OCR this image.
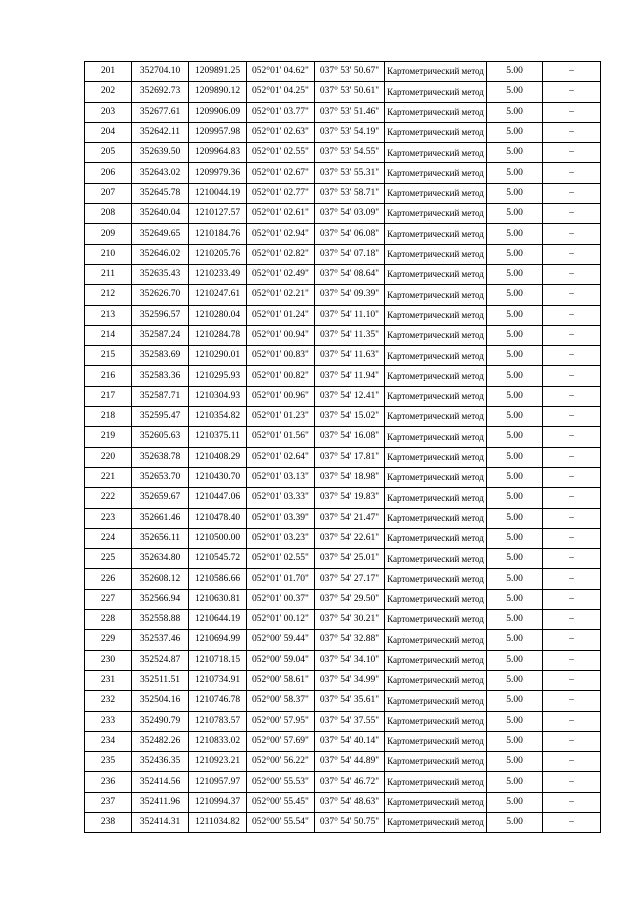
201	352704.10	1209891.25	052°01' 04.62"	037° 53' 50.67"	Картометрический метод	5.00	–
202	352692.73	1209890.12	052°01' 04.25"	037° 53' 50.61"	Картометрический метод	5.00	–
203	352677.61	1209906.09	052°01' 03.77"	037° 53' 51.46"	Картометрический метод	5.00	–
204	352642.11	1209957.98	052°01' 02.63"	037° 53' 54.19"	Картометрический метод	5.00	–
205	352639.50	1209964.83	052°01' 02.55"	037° 53' 54.55"	Картометрический метод	5.00	–
206	352643.02	1209979.36	052°01' 02.67"	037° 53' 55.31"	Картометрический метод	5.00	–
207	352645.78	1210044.19	052°01' 02.77"	037° 53' 58.71"	Картометрический метод	5.00	–
208	352640.04	1210127.57	052°01' 02.61"	037° 54' 03.09"	Картометрический метод	5.00	–
209	352649.65	1210184.76	052°01' 02.94"	037° 54' 06.08"	Картометрический метод	5.00	–
210	352646.02	1210205.76	052°01' 02.82"	037° 54' 07.18"	Картометрический метод	5.00	–
211	352635.43	1210233.49	052°01' 02.49"	037° 54' 08.64"	Картометрический метод	5.00	–
212	352626.70	1210247.61	052°01' 02.21"	037° 54' 09.39"	Картометрический метод	5.00	–
213	352596.57	1210280.04	052°01' 01.24"	037° 54' 11.10"	Картометрический метод	5.00	–
214	352587.24	1210284.78	052°01' 00.94"	037° 54' 11.35"	Картометрический метод	5.00	–
215	352583.69	1210290.01	052°01' 00.83"	037° 54' 11.63"	Картометрический метод	5.00	–
216	352583.36	1210295.93	052°01' 00.82"	037° 54' 11.94"	Картометрический метод	5.00	–
217	352587.71	1210304.93	052°01' 00.96"	037° 54' 12.41"	Картометрический метод	5.00	–
218	352595.47	1210354.82	052°01' 01.23"	037° 54' 15.02"	Картометрический метод	5.00	–
219	352605.63	1210375.11	052°01' 01.56"	037° 54' 16.08"	Картометрический метод	5.00	–
220	352638.78	1210408.29	052°01' 02.64"	037° 54' 17.81"	Картометрический метод	5.00	–
221	352653.70	1210430.70	052°01' 03.13"	037° 54' 18.98"	Картометрический метод	5.00	–
222	352659.67	1210447.06	052°01' 03.33"	037° 54' 19.83"	Картометрический метод	5.00	–
223	352661.46	1210478.40	052°01' 03.39"	037° 54' 21.47"	Картометрический метод	5.00	–
224	352656.11	1210500.00	052°01' 03.23"	037° 54' 22.61"	Картометрический метод	5.00	–
225	352634.80	1210545.72	052°01' 02.55"	037° 54' 25.01"	Картометрический метод	5.00	–
226	352608.12	1210586.66	052°01' 01.70"	037° 54' 27.17"	Картометрический метод	5.00	–
227	352566.94	1210630.81	052°01' 00.37"	037° 54' 29.50"	Картометрический метод	5.00	–
228	352558.88	1210644.19	052°01' 00.12"	037° 54' 30.21"	Картометрический метод	5.00	–
229	352537.46	1210694.99	052°00' 59.44"	037° 54' 32.88"	Картометрический метод	5.00	–
230	352524.87	1210718.15	052°00' 59.04"	037° 54' 34.10"	Картометрический метод	5.00	–
231	352511.51	1210734.91	052°00' 58.61"	037° 54' 34.99"	Картометрический метод	5.00	–
232	352504.16	1210746.78	052°00' 58.37"	037° 54' 35.61"	Картометрический метод	5.00	–
233	352490.79	1210783.57	052°00' 57.95"	037° 54' 37.55"	Картометрический метод	5.00	–
234	352482.26	1210833.02	052°00' 57.69"	037° 54' 40.14"	Картометрический метод	5.00	–
235	352436.35	1210923.21	052°00' 56.22"	037° 54' 44.89"	Картометрический метод	5.00	–
236	352414.56	1210957.97	052°00' 55.53"	037° 54' 46.72"	Картометрический метод	5.00	–
237	352411.96	1210994.37	052°00' 55.45"	037° 54' 48.63"	Картометрический метод	5.00	–
238	352414.31	1211034.82	052°00' 55.54"	037° 54' 50.75"	Картометрический метод	5.00	–
